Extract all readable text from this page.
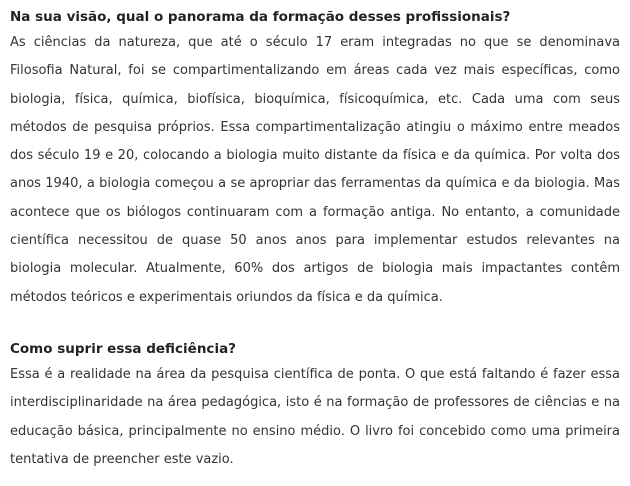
Na sua visão, qual o panorama da formação desses profissionais?

As ciências da natureza, que até o século 17 eram integradas no que se denominava Filosofia Natural, foi se compartimentalizando em áreas cada vez mais específicas, como biologia, física, química, biofísica, bioquímica, físicoquímica, etc. Cada uma com seus métodos de pesquisa próprios. Essa compartimentalização atingiu o máximo entre meados dos século 19 e 20, colocando a biologia muito distante da física e da química. Por volta dos anos 1940, a biologia começou a se apropriar das ferramentas da química e da biologia. Mas acontece que os biólogos continuaram com a formação antiga. No entanto, a comunidade científica necessitou de quase 50 anos anos para implementar estudos relevantes na biologia molecular. Atualmente, 60% dos artigos de biologia mais impactantes contêm métodos teóricos e experimentais oriundos da física e da química.

Como suprir essa deficiência?

Essa é a realidade na área da pesquisa científica de ponta. O que está faltando é fazer essa interdisciplinaridade na área pedagógica, isto é na formação de professores de ciências e na educação básica, principalmente no ensino médio. O livro foi concebido como uma primeira tentativa de preencher este vazio.
